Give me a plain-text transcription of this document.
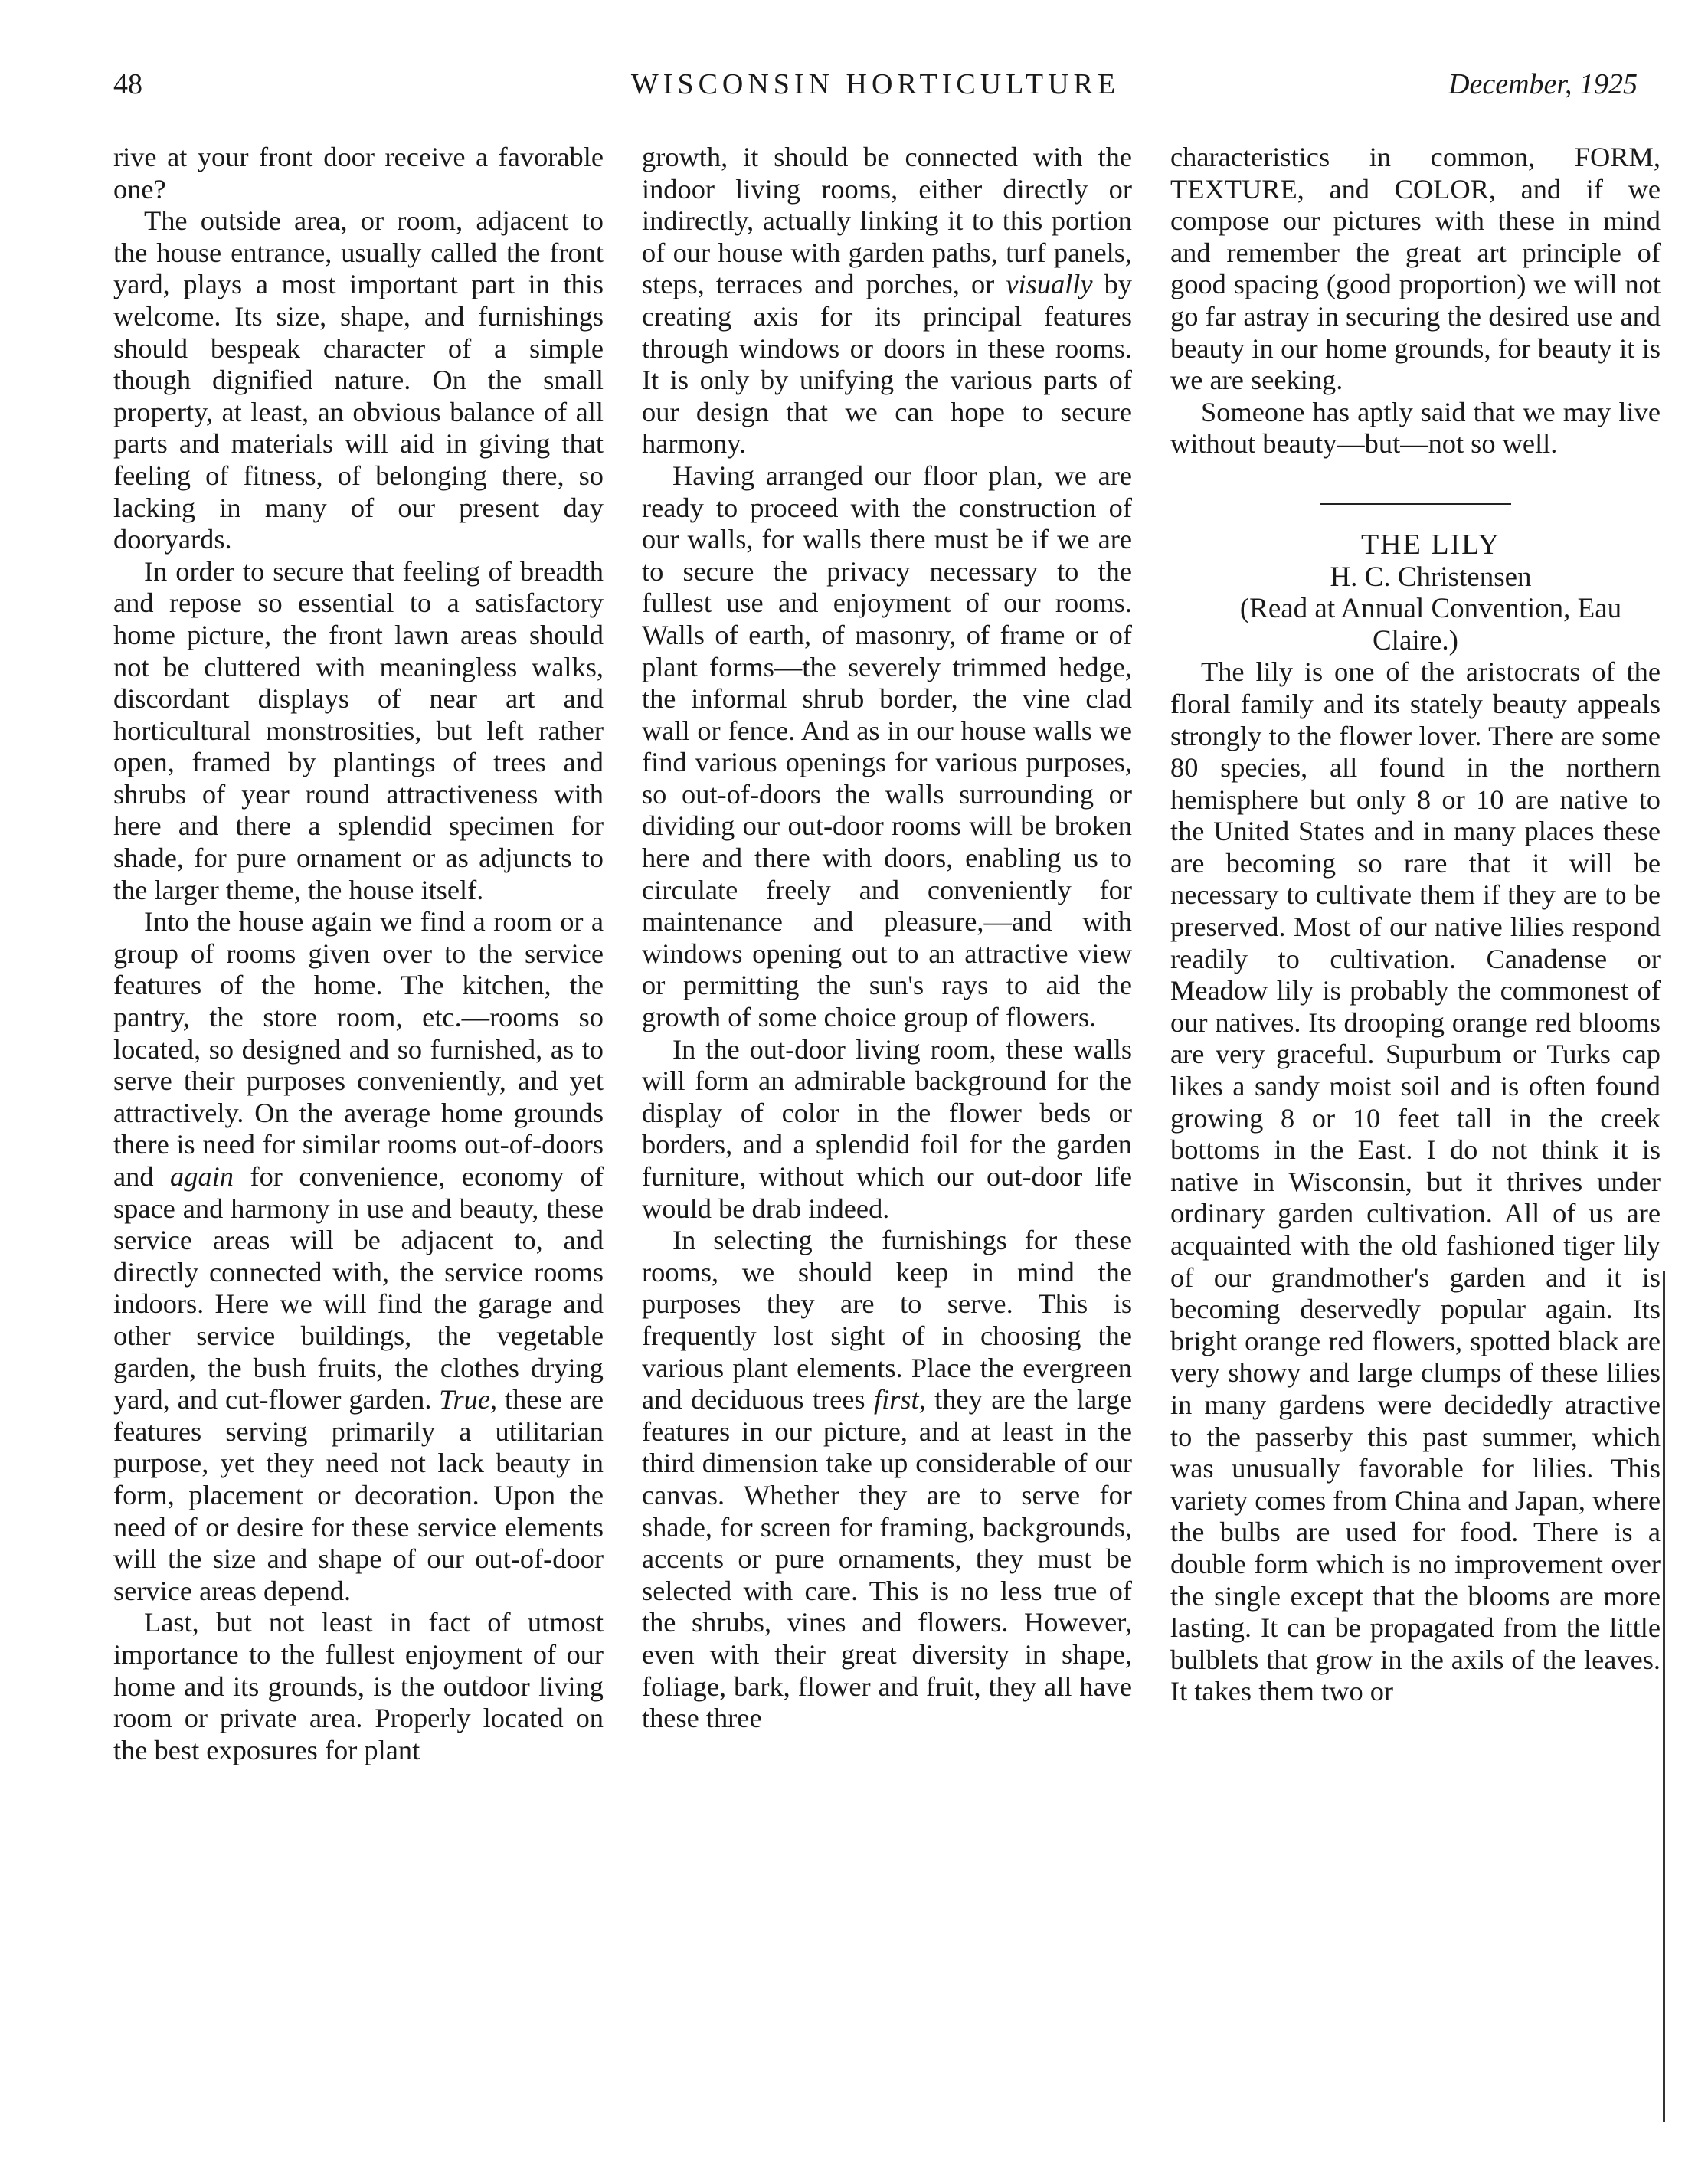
WISCONSIN HORTICULTURE
48	December, 1925

rive at your front door receive a favorable one?

The outside area, or room, adjacent to the house entrance, usually called the front yard, plays a most important part in this welcome. Its size, shape, and furnishings should bespeak character of a simple though dignified nature. On the small property, at least, an obvious balance of all parts and materials will aid in giving that feeling of fitness, of belonging there, so lacking in many of our present day dooryards.

In order to secure that feeling of breadth and repose so essential to a satisfactory home picture, the front lawn areas should not be cluttered with meaningless walks, discordant displays of near art and horticultural monstrosities, but left rather open, framed by plantings of trees and shrubs of year round attractiveness with here and there a splendid specimen for shade, for pure ornament or as adjuncts to the larger theme, the house itself.

Into the house again we find a room or a group of rooms given over to the service features of the home. The kitchen, the pantry, the store room, etc.—rooms so located, so designed and so furnished, as to serve their purposes conveniently, and yet attractively. On the average home grounds there is need for similar rooms out-of-doors and again for convenience, economy of space and harmony in use and beauty, these service areas will be adjacent to, and directly connected with, the service rooms indoors. Here we will find the garage and other service buildings, the vegetable garden, the bush fruits, the clothes drying yard, and cut-flower garden. True, these are features serving primarily a utilitarian purpose, yet they need not lack beauty in form, placement or decoration. Upon the need of or desire for these service elements will the size and shape of our out-of-door service areas depend.

Last, but not least in fact of utmost importance to the fullest enjoyment of our home and its grounds, is the outdoor living room or private area. Properly located on the best exposures for plant

growth, it should be connected with the indoor living rooms, either directly or indirectly, actually linking it to this portion of our house with garden paths, turf panels, steps, terraces and porches, or visually by creating axis for its principal features through windows or doors in these rooms. It is only by unifying the various parts of our design that we can hope to secure harmony.

Having arranged our floor plan, we are ready to proceed with the construction of our walls, for walls there must be if we are to secure the privacy necessary to the fullest use and enjoyment of our rooms. Walls of earth, of masonry, of frame or of plant forms—the severely trimmed hedge, the informal shrub border, the vine clad wall or fence. And as in our house walls we find various openings for various purposes, so out-of-doors the walls surrounding or dividing our out-door rooms will be broken here and there with doors, enabling us to circulate freely and conveniently for maintenance and pleasure,—and with windows opening out to an attractive view or permitting the sun's rays to aid the growth of some choice group of flowers.

In the out-door living room, these walls will form an admirable background for the display of color in the flower beds or borders, and a splendid foil for the garden furniture, without which our out-door life would be drab indeed.

In selecting the furnishings for these rooms, we should keep in mind the purposes they are to serve. This is frequently lost sight of in choosing the various plant elements. Place the evergreen and deciduous trees first, they are the large features in our picture, and at least in the third dimension take up considerable of our canvas. Whether they are to serve for shade, for screen for framing, backgrounds, accents or pure ornaments, they must be selected with care. This is no less true of the shrubs, vines and flowers. However, even with their great diversity in shape, foliage, bark, flower and fruit, they all have these three

characteristics in common, FORM, TEXTURE, and COLOR, and if we compose our pictures with these in mind and remember the great art principle of good spacing (good proportion) we will not go far astray in securing the desired use and beauty in our home grounds, for beauty it is we are seeking.

Someone has aptly said that we may live without beauty—but—not so well.

THE LILY

H. C. Christensen

(Read at Annual Convention, Eau Claire.)

The lily is one of the aristocrats of the floral family and its stately beauty appeals strongly to the flower lover. There are some 80 species, all found in the northern hemisphere but only 8 or 10 are native to the United States and in many places these are becoming so rare that it will be necessary to cultivate them if they are to be preserved. Most of our native lilies respond readily to cultivation. Canadense or Meadow lily is probably the commonest of our natives. Its drooping orange red blooms are very graceful. Supurbum or Turks cap likes a sandy moist soil and is often found growing 8 or 10 feet tall in the creek bottoms in the East. I do not think it is native in Wisconsin, but it thrives under ordinary garden cultivation. All of us are acquainted with the old fashioned tiger lily of our grandmother's garden and it is becoming deservedly popular again. Its bright orange red flowers, spotted black are very showy and large clumps of these lilies in many gardens were decidedly atractive to the passerby this past summer, which was unusually favorable for lilies. This variety comes from China and Japan, where the bulbs are used for food. There is a double form which is no improvement over the single except that the blooms are more lasting. It can be propagated from the little bulblets that grow in the axils of the leaves. It takes them two or
